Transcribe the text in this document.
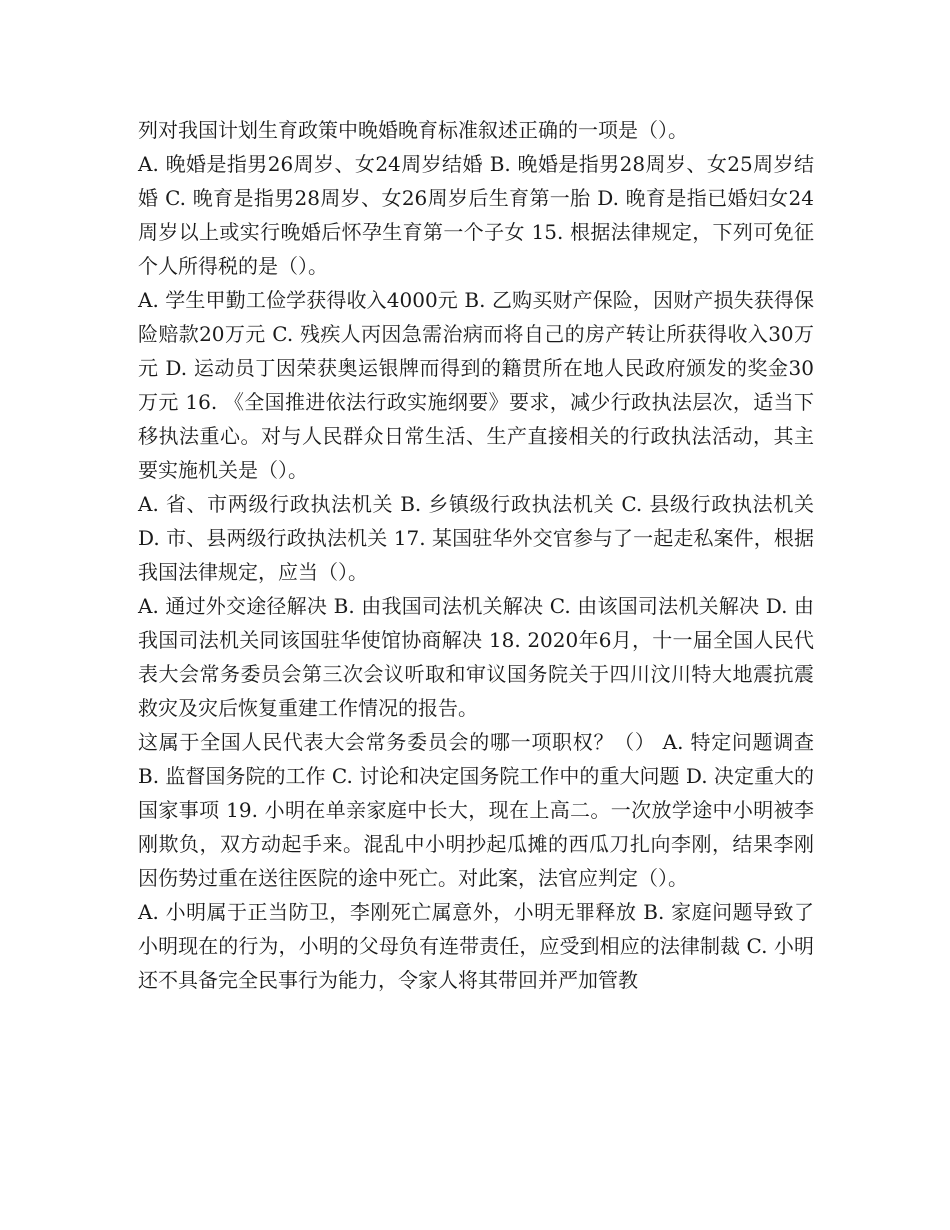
列对我国计划生育政策中晚婚晚育标准叙述正确的一项是（）。

A. 晚婚是指男26周岁、女24周岁结婚 B. 晚婚是指男28周岁、女25周岁结婚 C. 晚育是指男28周岁、女26周岁后生育第一胎 D. 晚育是指已婚妇女24周岁以上或实行晚婚后怀孕生育第一个子女 15. 根据法律规定，下列可免征个人所得税的是（）。

A. 学生甲勤工俭学获得收入4000元 B. 乙购买财产保险，因财产损失获得保险赔款20万元 C. 残疾人丙因急需治病而将自己的房产转让所获得收入30万元 D. 运动员丁因荣获奥运银牌而得到的籍贯所在地人民政府颁发的奖金30万元 16. 《全国推进依法行政实施纲要》要求，减少行政执法层次，适当下移执法重心。对与人民群众日常生活、生产直接相关的行政执法活动，其主要实施机关是（）。

A. 省、市两级行政执法机关 B. 乡镇级行政执法机关 C. 县级行政执法机关 D. 市、县两级行政执法机关 17. 某国驻华外交官参与了一起走私案件，根据我国法律规定，应当（）。

A. 通过外交途径解决 B. 由我国司法机关解决 C. 由该国司法机关解决 D. 由我国司法机关同该国驻华使馆协商解决 18. 2020年6月，十一届全国人民代表大会常务委员会第三次会议听取和审议国务院关于四川汶川特大地震抗震救灾及灾后恢复重建工作情况的报告。

这属于全国人民代表大会常务委员会的哪一项职权？（） A. 特定问题调查 B. 监督国务院的工作 C. 讨论和决定国务院工作中的重大问题 D. 决定重大的国家事项 19. 小明在单亲家庭中长大，现在上高二。一次放学途中小明被李刚欺负，双方动起手来。混乱中小明抄起瓜摊的西瓜刀扎向李刚，结果李刚因伤势过重在送往医院的途中死亡。对此案，法官应判定（）。

A. 小明属于正当防卫，李刚死亡属意外，小明无罪释放 B. 家庭问题导致了小明现在的行为，小明的父母负有连带责任，应受到相应的法律制裁 C. 小明还不具备完全民事行为能力，令家人将其带回并严加管教
